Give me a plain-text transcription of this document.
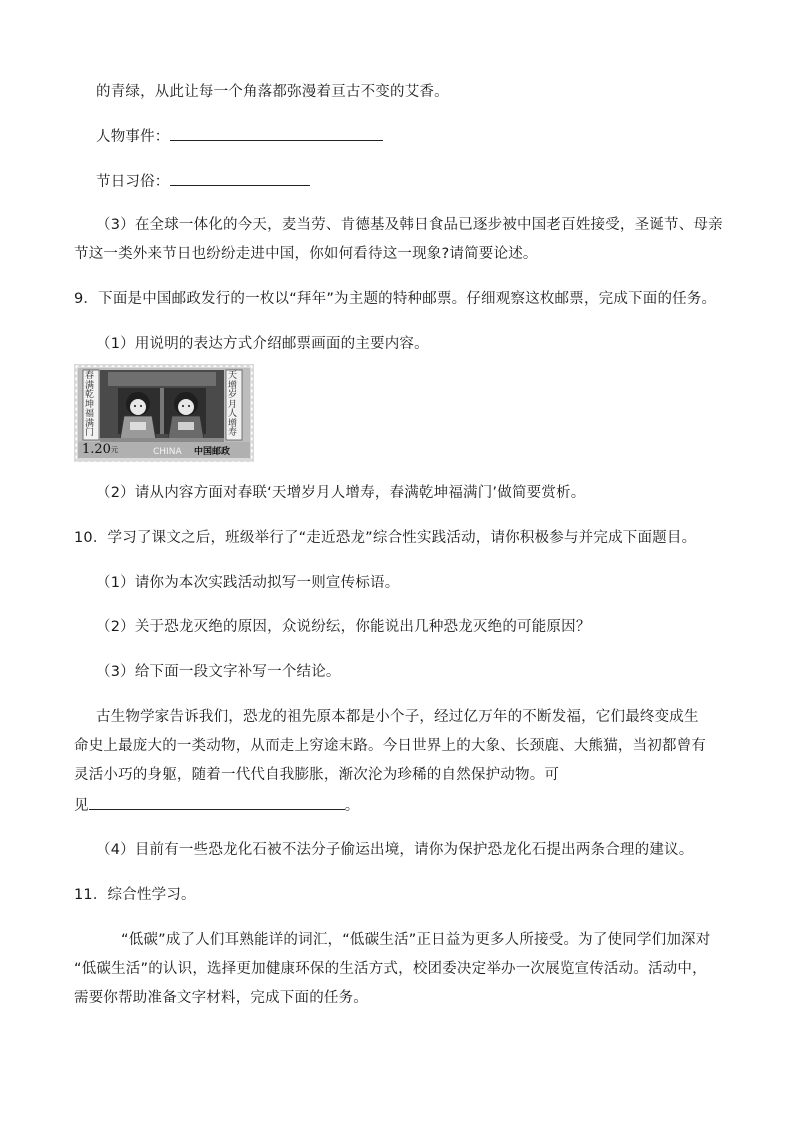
的青绿，从此让每一个角落都弥漫着亘古不变的艾香。
人物事件：
节日习俗：
（3）在全球一体化的今天，麦当劳、肯德基及韩日食品已逐步被中国老百姓接受，圣诞节、母亲
节这一类外来节日也纷纷走进中国，你如何看待这一现象?请简要论述。
9．下面是中国邮政发行的一枚以“拜年”为主题的特种邮票。仔细观察这枚邮票，完成下面的任务。
（1）用说明的表达方式介绍邮票画面的主要内容。
春满乾坤福满门
天增岁月人增寿
$1.20^元$	CHINA 中国邮政
（2）请从内容方面对春联‘天增岁月人增寿，春满乾坤福满门’做简要赏析。
10．学习了课文之后，班级举行了“走近恐龙”综合性实践活动，请你积极参与并完成下面题目。
（1）请你为本次实践活动拟写一则宣传标语。
（2）关于恐龙灭绝的原因，众说纷纭，你能说出几种恐龙灭绝的可能原因？
（3）给下面一段文字补写一个结论。
古生物学家告诉我们，恐龙的祖先原本都是小个子，经过亿万年的不断发福，它们最终变成生
命史上最庞大的一类动物，从而走上穷途末路。今日世界上的大象、长颈鹿、大熊猫，当初都曾有
灵活小巧的身躯，随着一代代自我膨胀，渐次沦为珍稀的自然保护动物。可
见	。
（4）目前有一些恐龙化石被不法分子偷运出境，请你为保护恐龙化石提出两条合理的建议。
11．综合性学习。
“低碳”成了人们耳熟能详的词汇，“低碳生活”正日益为更多人所接受。为了使同学们加深对
“低碳生活”的认识，选择更加健康环保的生活方式，校团委决定举办一次展览宣传活动。活动中，
需要你帮助准备文字材料，完成下面的任务。
